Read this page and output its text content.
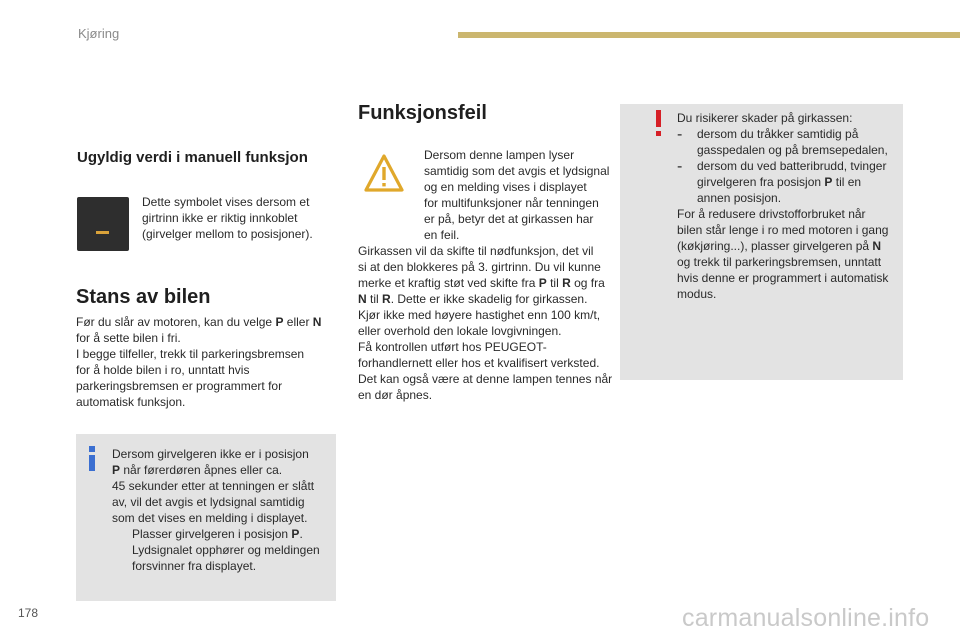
Kjøring
Ugyldig verdi i manuell funksjon

Dette symbolet vises dersom et

girtrinn ikke er riktig innkoblet

(girvelger mellom to posisjoner).

Stans av bilen

Før du slår av motoren, kan du velge P eller N

for å sette bilen i fri.

I begge tilfeller, trekk til parkeringsbremsen

for å holde bilen i ro, unntatt hvis

parkeringsbremsen er programmert for

automatisk funksjon.

Dersom girvelgeren ikke er i posisjon

P når førerdøren åpnes eller ca.

45 sekunder etter at tenningen er slått

av, vil det avgis et lydsignal samtidig

som det vises en melding i displayet.

Plasser girvelgeren i posisjon P.

Lydsignalet opphører og meldingen

forsvinner fra displayet.

Funksjonsfeil

Dersom denne lampen lyser

samtidig som det avgis et lydsignal

og en melding vises i displayet

for multifunksjoner når tenningen

er på, betyr det at girkassen har

en feil.

Girkassen vil da skifte til nødfunksjon, det vil

si at den blokkeres på 3. girtrinn. Du vil kunne

merke et kraftig støt ved skifte fra P til R og fra

N til R. Dette er ikke skadelig for girkassen.

Kjør ikke med høyere hastighet enn 100 km/t,

eller overhold den lokale lovgivningen.

Få kontrollen utført hos PEUGEOT-

forhandlernett eller hos et kvalifisert verksted.

Det kan også være at denne lampen tennes når

en dør åpnes.

Du risikerer skader på girkassen:

- dersom du tråkker samtidig på

gasspedalen og på bremsepedalen,

- dersom du ved batteribrudd, tvinger

girvelgeren fra posisjon P til en

annen posisjon.

For å redusere drivstofforbruket når

bilen står lenge i ro med motoren i gang

(køkjøring...), plasser girvelgeren på N

og trekk til parkeringsbremsen, unntatt

hvis denne er programmert i automatisk

modus.

178	carmanualsonline.info
